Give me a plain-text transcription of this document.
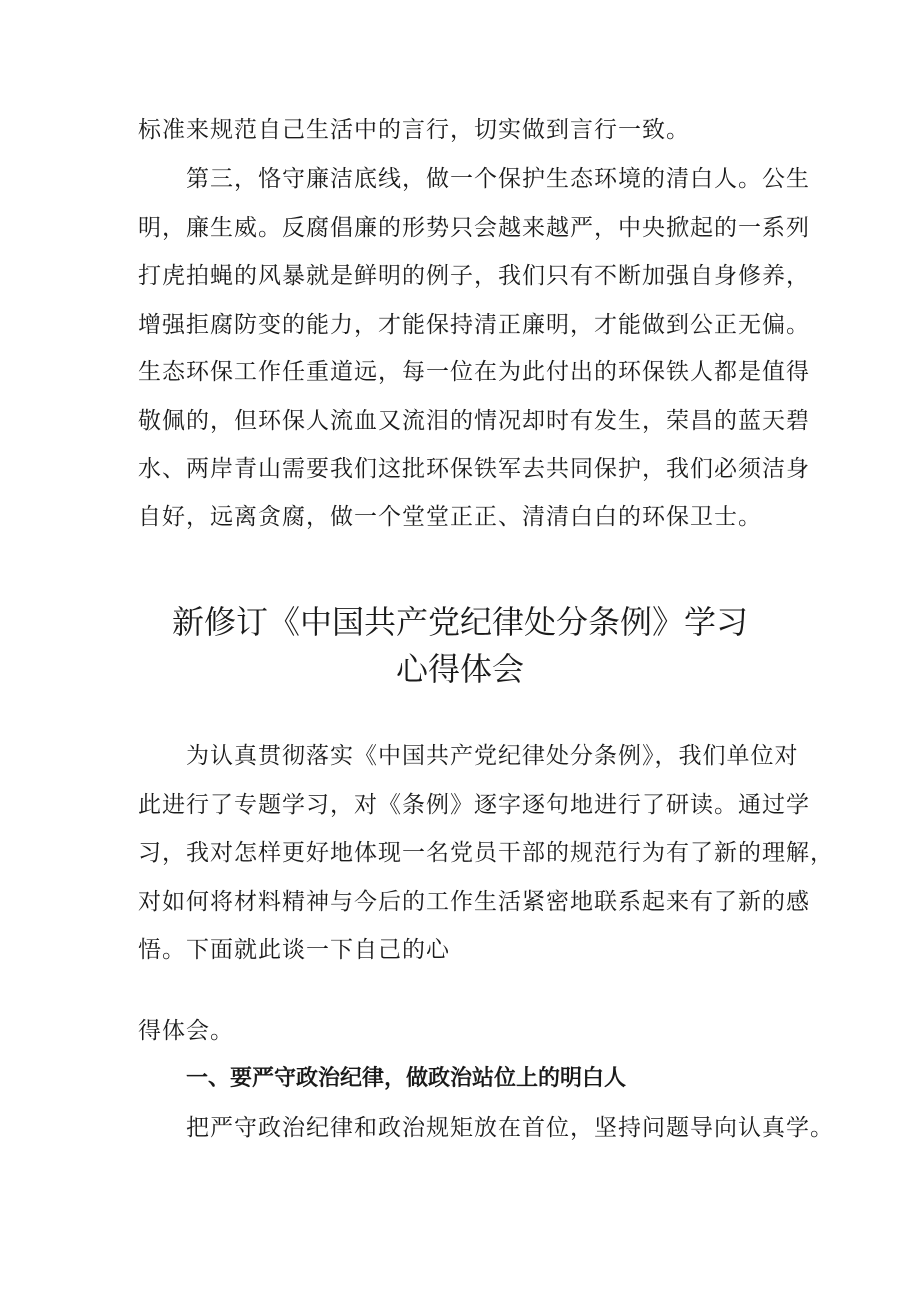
标准来规范自己生活中的言行，切实做到言行一致。
第三，恪守廉洁底线，做一个保护生态环境的清白人。公生
明，廉生威。反腐倡廉的形势只会越来越严，中央掀起的一系列
打虎拍蝇的风暴就是鲜明的例子，我们只有不断加强自身修养，
增强拒腐防变的能力，才能保持清正廉明，才能做到公正无偏。
生态环保工作任重道远，每一位在为此付出的环保铁人都是值得
敬佩的，但环保人流血又流泪的情况却时有发生，荣昌的蓝天碧
水、两岸青山需要我们这批环保铁军去共同保护，我们必须洁身
自好，远离贪腐，做一个堂堂正正、清清白白的环保卫士。
新修订《中国共产党纪律处分条例》学习
心得体会
为认真贯彻落实《中国共产党纪律处分条例》，我们单位对
此进行了专题学习，对《条例》逐字逐句地进行了研读。通过学
习，我对怎样更好地体现一名党员干部的规范行为有了新的理解，
对如何将材料精神与今后的工作生活紧密地联系起来有了新的感
悟。下面就此谈一下自己的心
得体会。
一、要严守政治纪律，做政治站位上的明白人
把严守政治纪律和政治规矩放在首位，坚持问题导向认真学。
